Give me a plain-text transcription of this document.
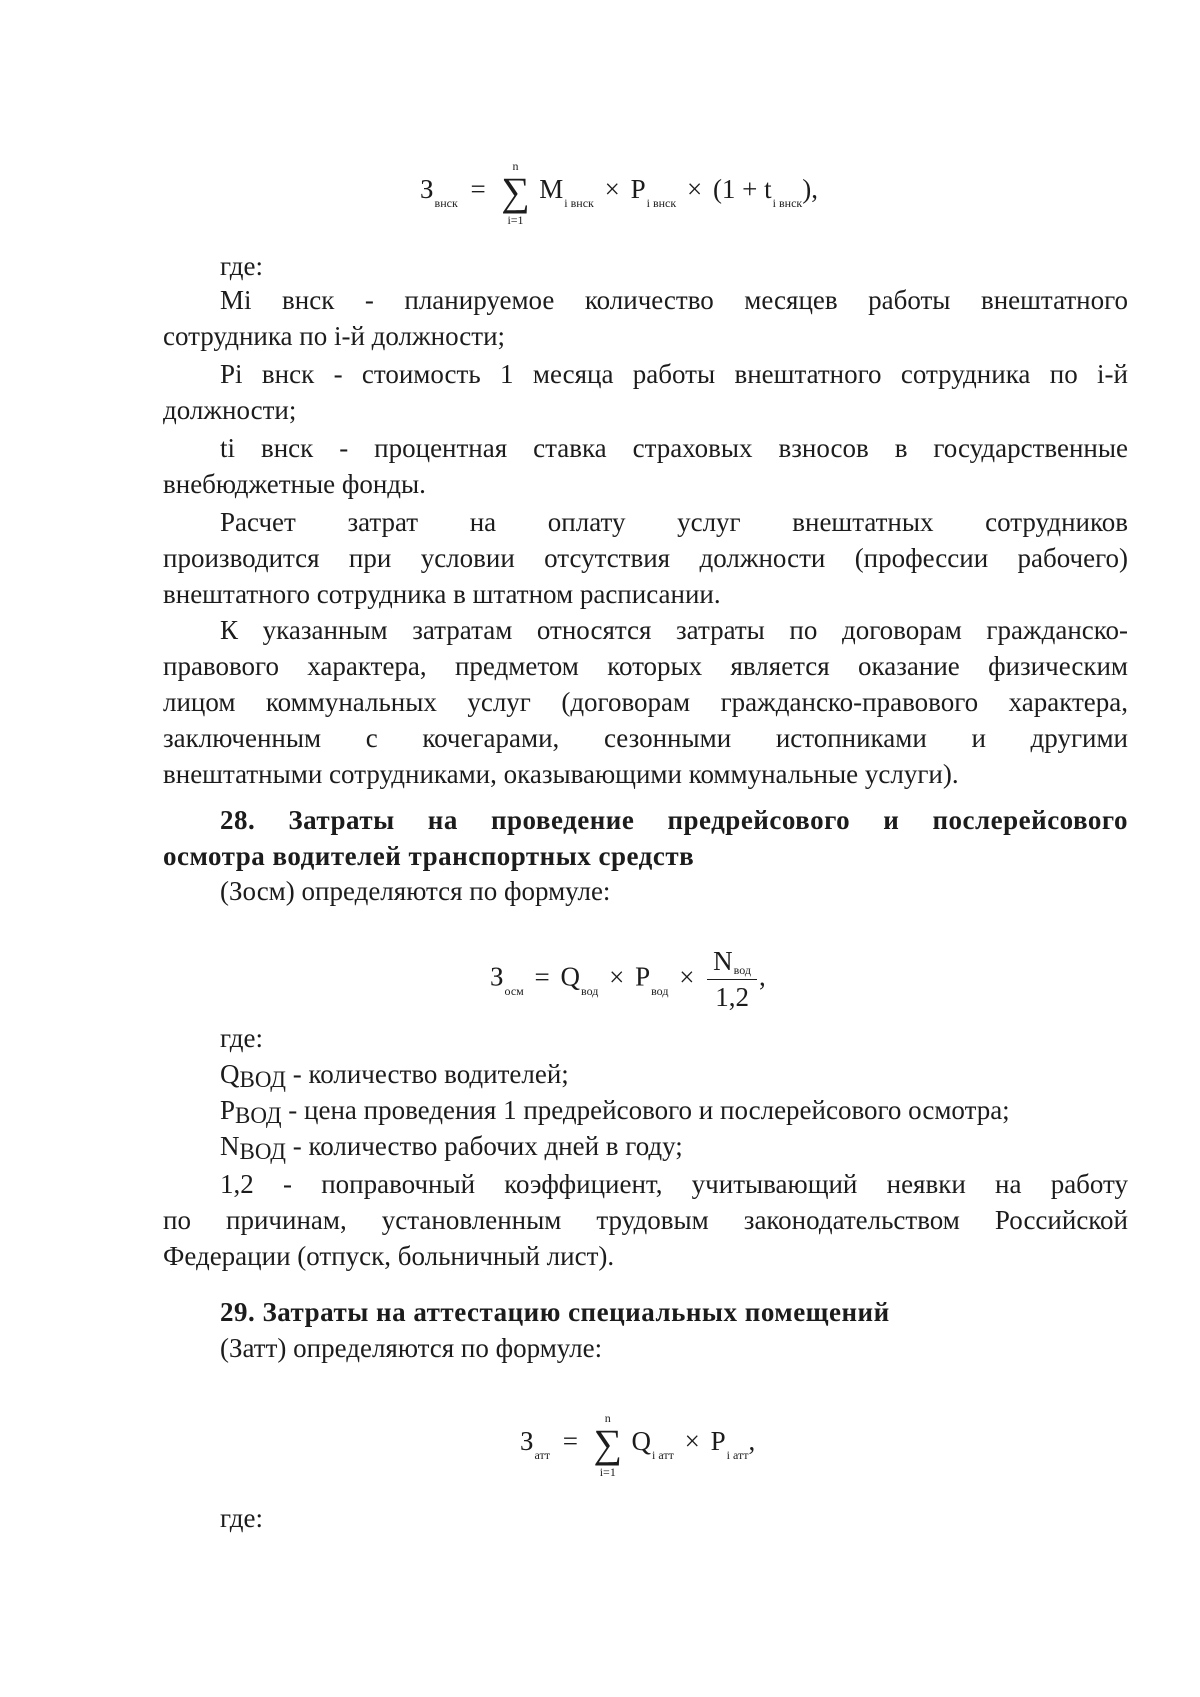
$З_{внск}$ =
n
∑
i=1
$M_{i внск} \times P_{i внск} \times (1 + t_{i внск})$,
где:
Mi внск - планируемое количество месяцев работы внештатного
сотрудника по i-й должности;
Pi внск - стоимость 1 месяца работы внештатного сотрудника по i-й
должности;
ti внск - процентная ставка страховых взносов в государственные
внебюджетные фонды.
Расчет затрат на оплату услуг внештатных сотрудников
производится при условии отсутствия должности (профессии рабочего)
внештатного сотрудника в штатном расписании.
К указанным затратам относятся затраты по договорам гражданско-
правового характера, предметом которых является оказание физическим
лицом коммунальных услуг (договорам гражданско-правового характера,
заключенным с кочегарами, сезонными истопниками и другими
внештатными сотрудниками, оказывающими коммунальные услуги).
28. Затраты на проведение предрейсового и послерейсового
осмотра водителей транспортных средств
(Зосм) определяются по формуле:
$З_{осм} = Q_{вод} \times P_{вод} \times \frac{\text{Nвод}}{1,2}$ ,
где:
QВОД - количество водителей;
PВОД - цена проведения 1 предрейсового и послерейсового осмотра;
NВОД - количество рабочих дней в году;
1,2 - поправочный коэффициент, учитывающий неявки на работу
по причинам, установленным трудовым законодательством Российской
Федерации (отпуск, больничный лист).
29. Затраты на аттестацию специальных помещений
(Затт) определяются по формуле:
$З_{атт}$ =
n
∑
i=1
$Q_{i атт} \times P_{i атт}$,
где:
